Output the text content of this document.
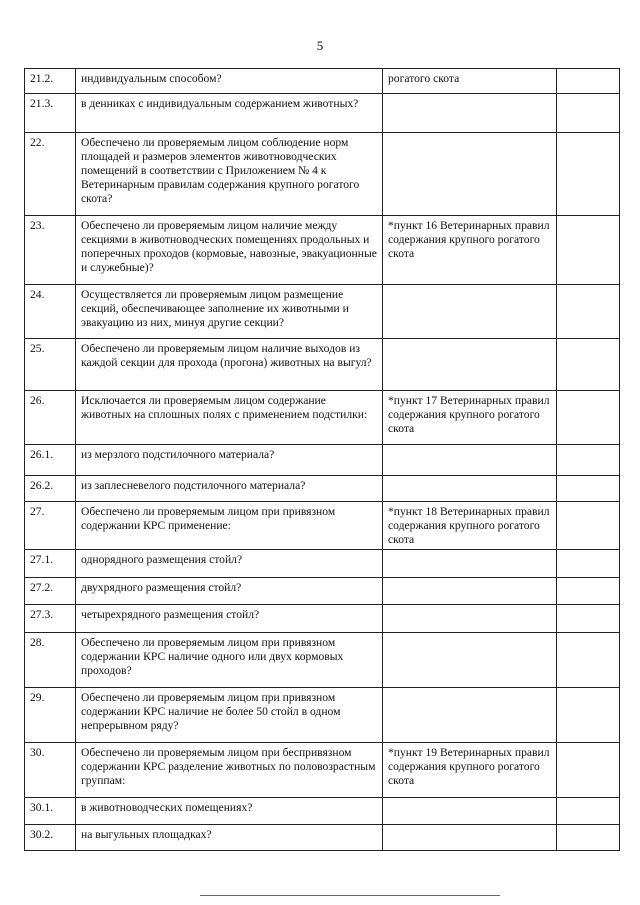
5
21.2.	индивидуальным способом?	рогатого скота	
21.3.	в денниках с индивидуальным содержанием животных?		
22.	Обеспечено ли проверяемым лицом соблюдение норм площадей и размеров элементов животноводческих помещений в соответствии с Приложением № 4 к Ветеринарным правилам содержания крупного рогатого скота?		
23.	Обеспечено ли проверяемым лицом наличие между секциями в животноводческих помещениях продольных и поперечных проходов (кормовые, навозные, эвакуационные и служебные)?	*пункт 16 Ветеринарных правил содержания крупного рогатого скота	
24.	Осуществляется ли проверяемым лицом размещение секций, обеспечивающее заполнение их животными и эвакуацию из них, минуя другие секции?		
25.	Обеспечено ли проверяемым лицом наличие выходов из каждой секции для прохода (прогона) животных на выгул?		
26.	Исключается ли проверяемым лицом содержание животных на сплошных полях с применением подстилки:	*пункт 17 Ветеринарных правил содержания крупного рогатого скота	
26.1.	из мерзлого подстилочного материала?		
26.2.	из заплесневелого подстилочного материала?		
27.	Обеспечено ли проверяемым лицом при привязном содержании КРС применение:	*пункт 18 Ветеринарных правил содержания крупного рогатого скота	
27.1.	однорядного размещения стойл?		
27.2.	двухрядного размещения стойл?		
27.3.	четырехрядного размещения стойл?		
28.	Обеспечено ли проверяемым лицом при привязном содержании КРС наличие одного или двух кормовых проходов?		
29.	Обеспечено ли проверяемым лицом при привязном содержании КРС наличие не более 50 стойл в одном непрерывном ряду?		
30.	Обеспечено ли проверяемым лицом при беспривязном содержании КРС разделение животных по половозрастным группам:	*пункт 19 Ветеринарных правил содержания крупного рогатого скота	
30.1.	в животноводческих помещениях?		
30.2.	на выгульных площадках?		
